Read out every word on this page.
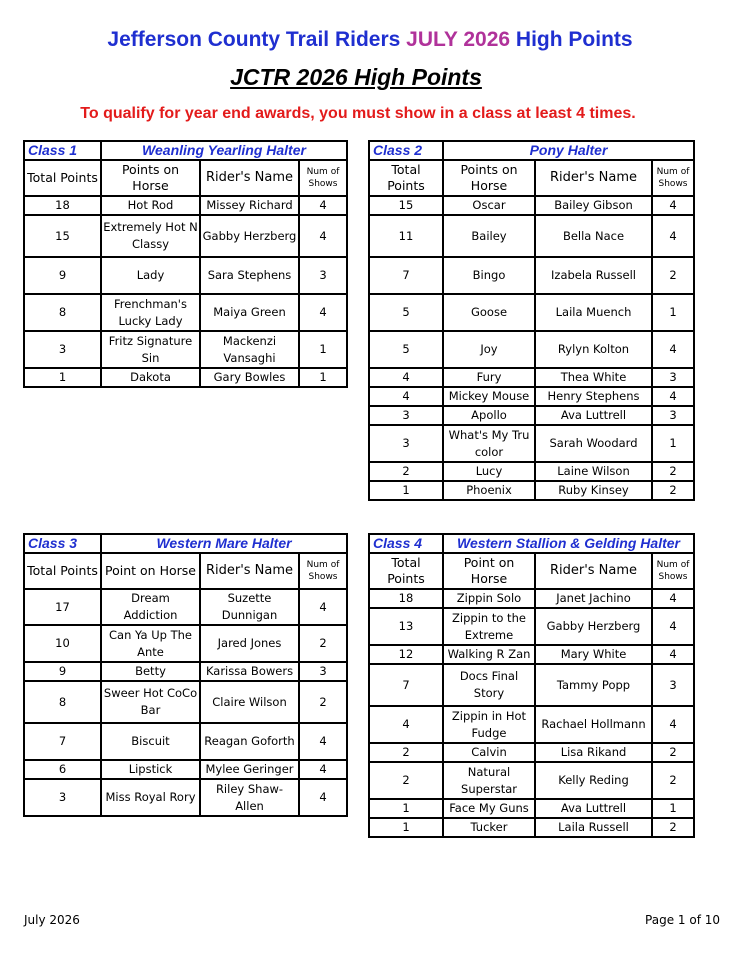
Jefferson County Trail Riders JULY 2026 High Points
JCTR 2026 High Points
To qualify for year end awards, you must show in a class at least 4 times.
Class 1	Weanling Yearling Halter		
Total Points	Points on Horse	Rider's Name	Num of Shows
18	Hot Rod	Missey Richard	4
15	Extremely Hot N Classy	Gabby Herzberg	4
9	Lady	Sara Stephens	3
8	Frenchman's Lucky Lady	Maiya Green	4
3	Fritz Signature Sin	Mackenzi Vansaghi	1
1	Dakota	Gary Bowles	1
Class 2	Pony Halter		
Total Points	Points on Horse	Rider's Name	Num of Shows
15	Oscar	Bailey Gibson	4
11	Bailey	Bella Nace	4
7	Bingo	Izabela Russell	2
5	Goose	Laila Muench	1
5	Joy	Rylyn Kolton	4
4	Fury	Thea White	3
4	Mickey Mouse	Henry Stephens	4
3	Apollo	Ava Luttrell	3
3	What's My Tru color	Sarah Woodard	1
2	Lucy	Laine Wilson	2
1	Phoenix	Ruby Kinsey	2
Class 3	Western Mare Halter		
Total Points	Point on Horse	Rider's Name	Num of Shows
17	Dream Addiction	Suzette Dunnigan	4
10	Can Ya Up The Ante	Jared Jones	2
9	Betty	Karissa Bowers	3
8	Sweer Hot CoCo Bar	Claire Wilson	2
7	Biscuit	Reagan Goforth	4
6	Lipstick	Mylee Geringer	4
3	Miss Royal Rory	Riley Shaw-Allen	4
Class 4	Western Stallion & Gelding Halter		
Total Points	Point on Horse	Rider's Name	Num of Shows
18	Zippin Solo	Janet Jachino	4
13	Zippin to the Extreme	Gabby Herzberg	4
12	Walking R Zan	Mary White	4
7	Docs Final Story	Tammy Popp	3
4	Zippin in Hot Fudge	Rachael Hollmann	4
2	Calvin	Lisa Rikand	2
2	Natural Superstar	Kelly Reding	2
1	Face My Guns	Ava Luttrell	1
1	Tucker	Laila Russell	2
July 2026	Page 1 of 10
